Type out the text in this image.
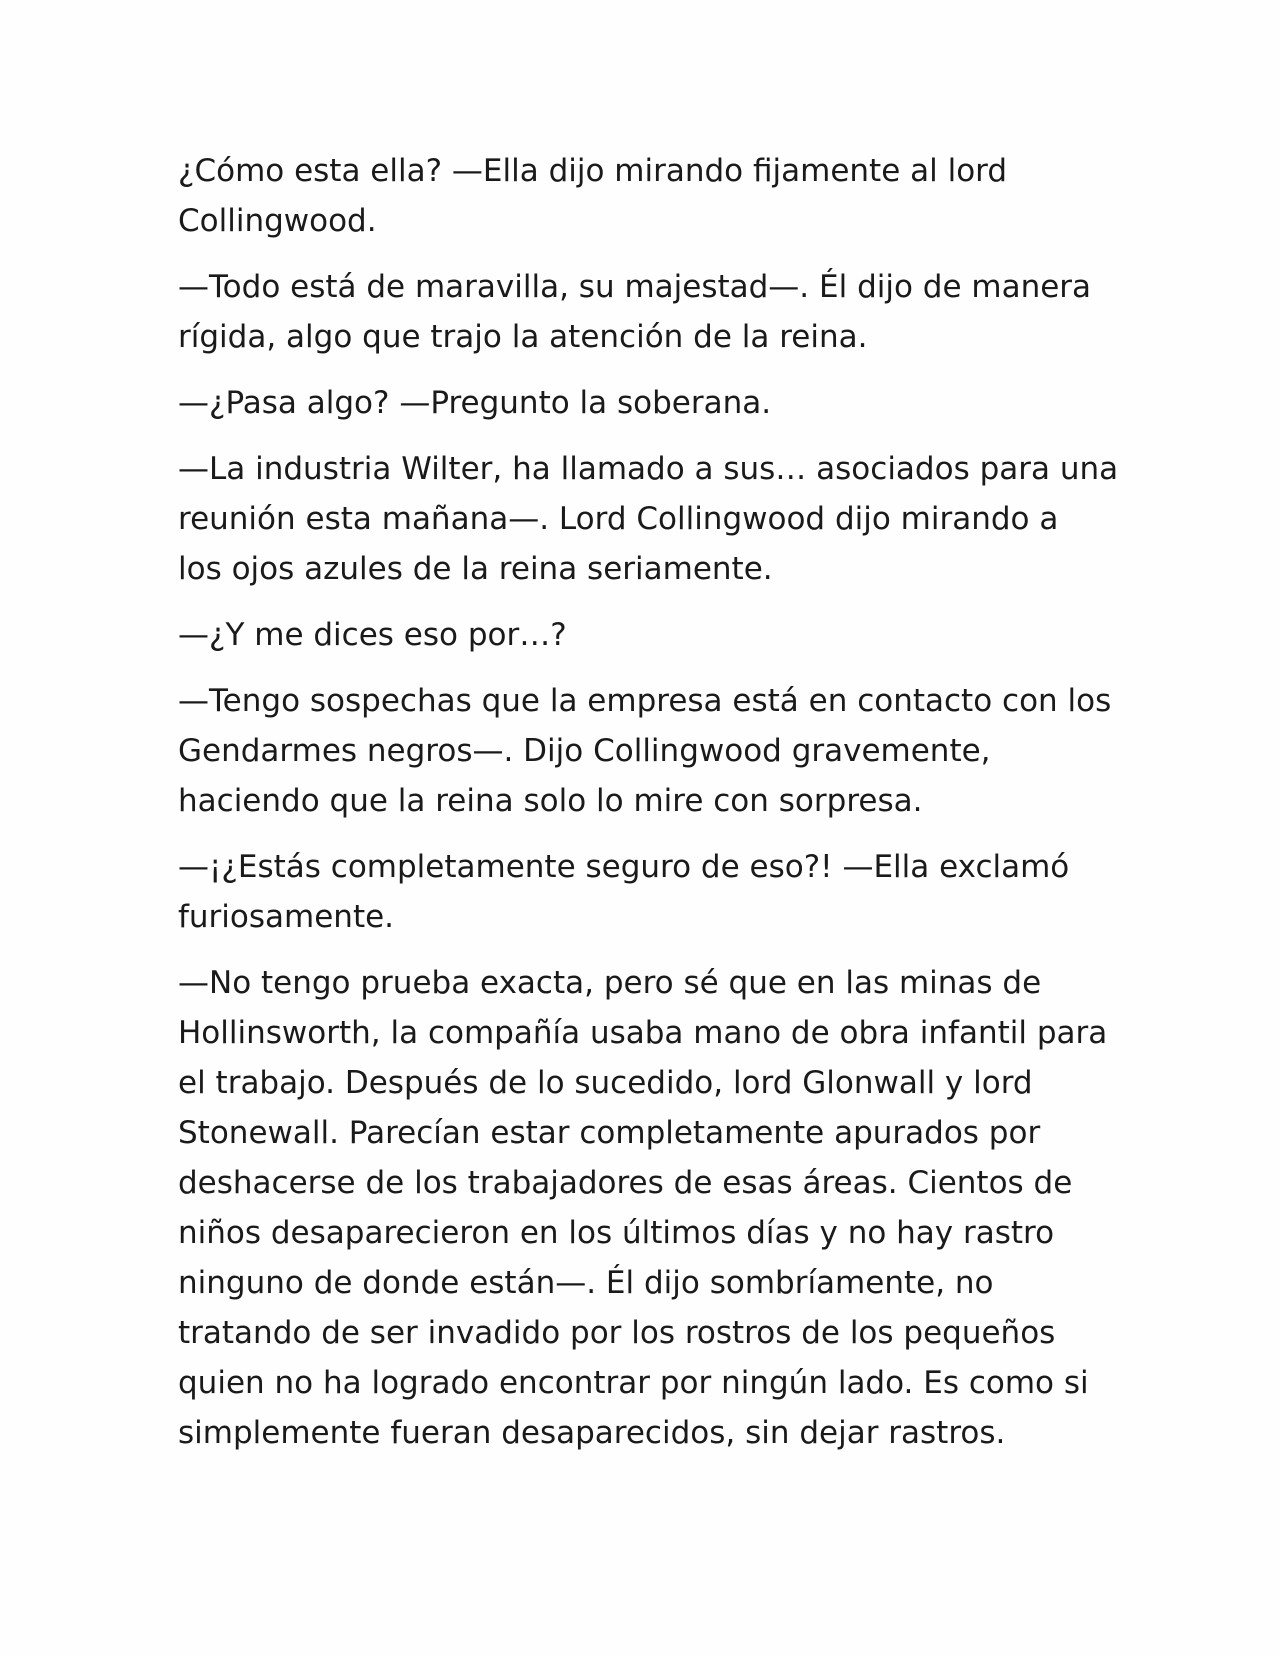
¿Cómo esta ella? —Ella dijo mirando fijamente al lord
Collingwood.

—Todo está de maravilla, su majestad—. Él dijo de manera
rígida, algo que trajo la atención de la reina.

—¿Pasa algo? —Pregunto la soberana.

—La industria Wilter, ha llamado a sus… asociados para una
reunión esta mañana—. Lord Collingwood dijo mirando a
los ojos azules de la reina seriamente.

—¿Y me dices eso por…?

—Tengo sospechas que la empresa está en contacto con los
Gendarmes negros—. Dijo Collingwood gravemente,
haciendo que la reina solo lo mire con sorpresa.

—¡¿Estás completamente seguro de eso?! —Ella exclamó
furiosamente.

—No tengo prueba exacta, pero sé que en las minas de
Hollinsworth, la compañía usaba mano de obra infantil para
el trabajo. Después de lo sucedido, lord Glonwall y lord
Stonewall. Parecían estar completamente apurados por
deshacerse de los trabajadores de esas áreas. Cientos de
niños desaparecieron en los últimos días y no hay rastro
ninguno de donde están—. Él dijo sombríamente, no
tratando de ser invadido por los rostros de los pequeños
quien no ha logrado encontrar por ningún lado. Es como si
simplemente fueran desaparecidos, sin dejar rastros.
